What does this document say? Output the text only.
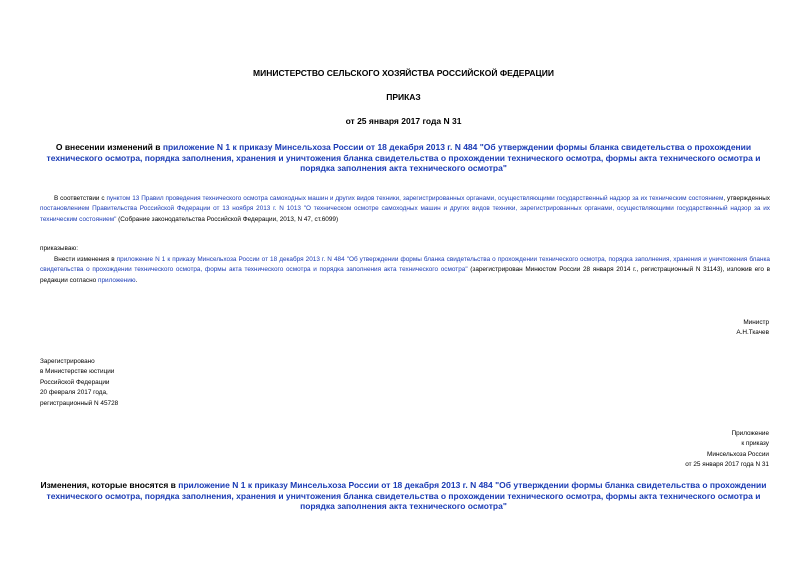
МИНИСТЕРСТВО СЕЛЬСКОГО ХОЗЯЙСТВА РОССИЙСКОЙ ФЕДЕРАЦИИ
ПРИКАЗ
от 25 января 2017 года N 31
О внесении изменений в приложение N 1 к приказу Минсельхоза России от 18 декабря 2013 г. N 484 "Об утверждении формы бланка свидетельства о прохождении технического осмотра, порядка заполнения, хранения и уничтожения бланка свидетельства о прохождении технического осмотра, формы акта технического осмотра и порядка заполнения акта технического осмотра"
В соответствии с пунктом 13 Правил проведения технического осмотра самоходных машин и других видов техники, зарегистрированных органами, осуществляющими государственный надзор за их техническим состоянием, утвержденных постановлением Правительства Российской Федерации от 13 ноября 2013 г. N 1013 "О техническом осмотре самоходных машин и других видов техники, зарегистрированных органами, осуществляющими государственный надзор за их техническим состоянием" (Собрание законодательства Российской Федерации, 2013, N 47, ст.6099)
приказываю:
Внести изменения в приложение N 1 к приказу Минсельхоза России от 18 декабря 2013 г. N 484 "Об утверждении формы бланка свидетельства о прохождении технического осмотра, порядка заполнения, хранения и уничтожения бланка свидетельства о прохождении технического осмотра, формы акта технического осмотра и порядка заполнения акта технического осмотра" (зарегистрирован Минюстом России 28 января 2014 г., регистрационный N 31143), изложив его в редакции согласно приложению.
Министр
А.Н.Ткачев
Зарегистрировано
в Министерстве юстиции
Российской Федерации
20 февраля 2017 года,
регистрационный N 45728
Приложение
к приказу
Минсельхоза России
от 25 января 2017 года N 31
Изменения, которые вносятся в приложение N 1 к приказу Минсельхоза России от 18 декабря 2013 г. N 484 "Об утверждении формы бланка свидетельства о прохождении технического осмотра, порядка заполнения, хранения и уничтожения бланка свидетельства о прохождении технического осмотра, формы акта технического осмотра и порядка заполнения акта технического осмотра"
